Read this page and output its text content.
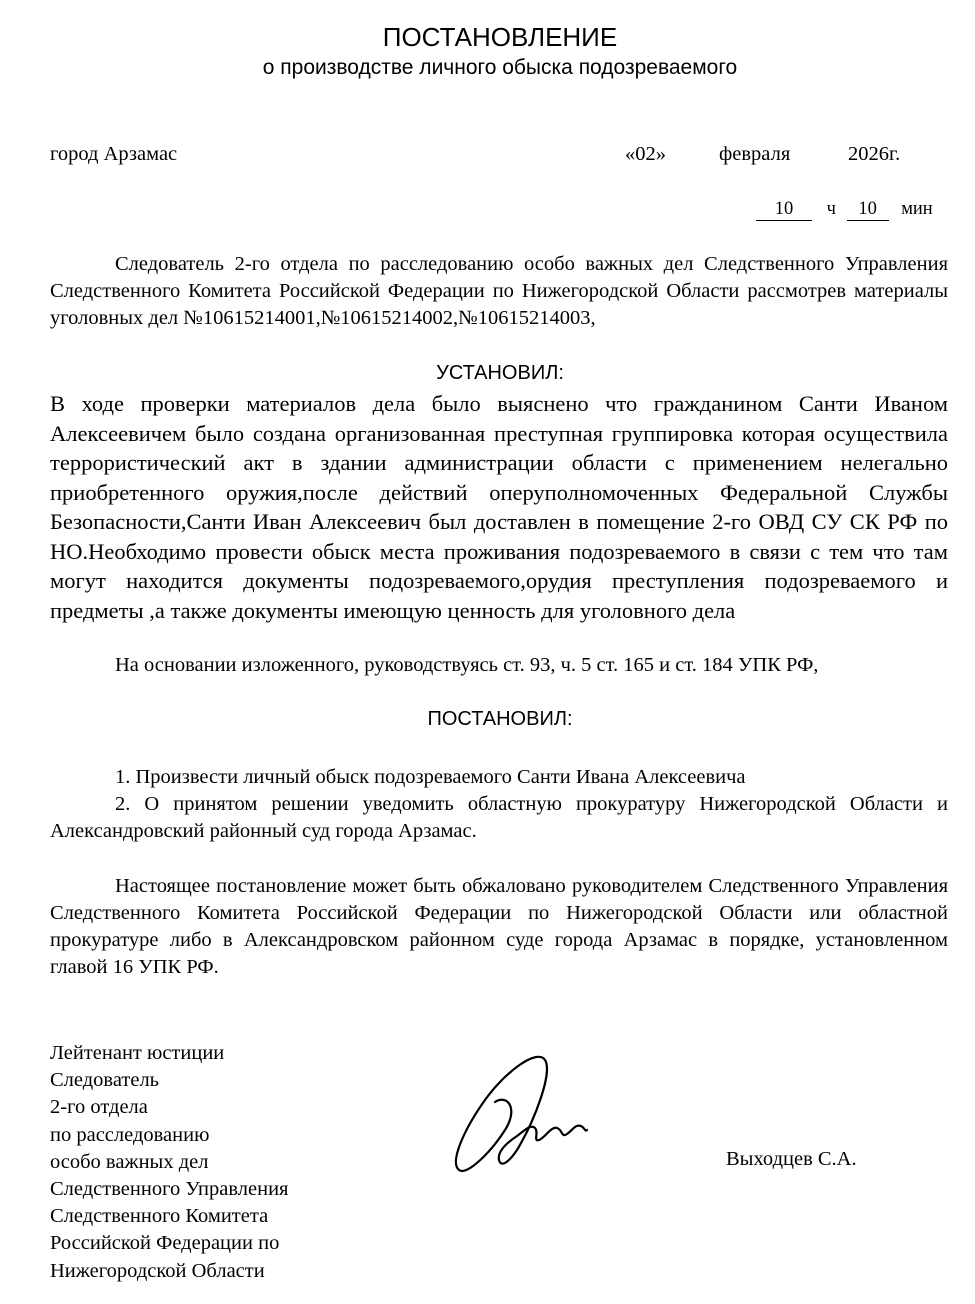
ПОСТАНОВЛЕНИЕ
о производстве личного обыска подозреваемого
город Арзамас	«02»	февраля	2026г.
10 ч 10 мин
Следователь 2-го отдела по расследованию особо важных дел Следственного Управления Следственного Комитета Российской Федерации по Нижегородской Области рассмотрев материалы уголовных дел №10615214001,№10615214002,№10615214003,
УСТАНОВИЛ:
В ходе проверки материалов дела было выяснено что гражданином Санти Иваном Алексеевичем было создана организованная преступная группировка которая осуществила террористический акт в здании администрации области с применением нелегально приобретенного оружия,после действий оперуполномоченных Федеральной Службы Безопасности,Санти Иван Алексеевич был доставлен в помещение 2-го ОВД СУ СК РФ по НО.Необходимо провести обыск места проживания подозреваемого в связи с тем что там могут находится документы подозреваемого,орудия преступления подозреваемого и предметы ,а также документы имеющую ценность для уголовного дела
На основании изложенного, руководствуясь ст. 93, ч. 5 ст. 165 и ст. 184 УПК РФ,
ПОСТАНОВИЛ:
1. Произвести личный обыск подозреваемого Санти Ивана Алексеевича
2. О принятом решении уведомить областную прокуратуру Нижегородской Области и Александровский районный суд города Арзамас.
Настоящее постановление может быть обжаловано руководителем Следственного Управления Следственного Комитета Российской Федерации по Нижегородской Области или областной прокуратуре либо в Александровском районном суде города Арзамас в порядке, установленном главой 16 УПК РФ.
Лейтенант юстиции
Следователь
2-го отдела
по расследованию
особо важных дел
Следственного Управления
Следственного Комитета
Российской Федерации по
Нижегородской Области
Выходцев С.А.
